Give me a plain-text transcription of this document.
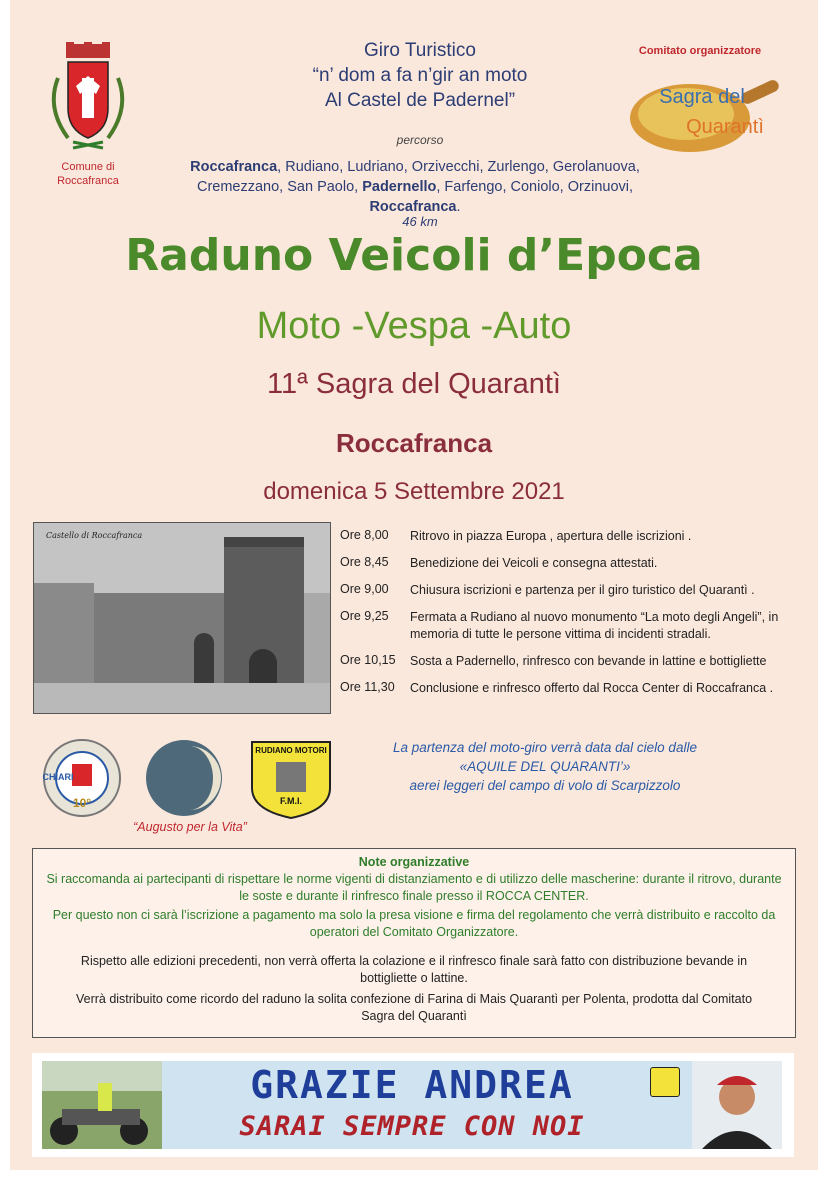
Comune di
Roccafranca
Giro Turistico
“n’ dom a fa n’gir an moto
Al Castel de Padernel”
percorso
Roccafranca, Rudiano, Ludriano, Orzivecchi, Zurlengo, Gerolanuova,
Cremezzano, San Paolo, Padernello, Farfengo, Coniolo, Orzinuovi,
Roccafranca.
46 km
Comitato organizzatore
Sagra del
Quarantì
Raduno Veicoli d’Epoca
Moto -Vespa -Auto
11ª Sagra del Quarantì
Roccafranca
domenica 5 Settembre 2021
Castello di Roccafranca	Ore 8,00	Ritrovo in piazza Europa , apertura delle iscrizioni .
Ore 8,45	Benedizione dei Veicoli e consegna attestati.
Ore 9,00	Chiusura iscrizioni e partenza per il giro turistico del Quarantì .
Ore 9,25	Fermata a Rudiano al nuovo monumento “La moto degli Angeli”, in memoria di tutte le persone vittima di incidenti stradali.
Ore 10,15	Sosta a Padernello, rinfresco con bevande in lattine e bottigliette
Ore 11,30	Conclusione e rinfresco offerto dal Rocca Center di Roccafranca .
CHIARI
10°
“Augusto per la Vita”
RUDIANO MOTORI
F.M.I.
La partenza del moto-giro verrà data dal cielo dalle
«AQUILE DEL QUARANTI’»
aerei leggeri del campo di volo di Scarpizzolo
Note organizzative
Si raccomanda ai partecipanti di rispettare le norme vigenti di distanziamento e di utilizzo delle mascherine: durante il ritrovo, durante le soste e durante il rinfresco finale presso il ROCCA CENTER.
Per questo non ci sarà l’iscrizione a pagamento ma solo la presa visione e firma del regolamento che verrà distribuito e raccolto da operatori del Comitato Organizzatore.
Rispetto alle edizioni precedenti, non verrà offerta la colazione e il rinfresco finale sarà fatto con distribuzione bevande in bottigliette o lattine.
Verrà distribuito come ricordo del raduno la solita confezione di Farina di Mais Quarantì per Polenta, prodotta dal Comitato Sagra del Quarantì
GRAZIE ANDREA
SARAI SEMPRE CON NOI
